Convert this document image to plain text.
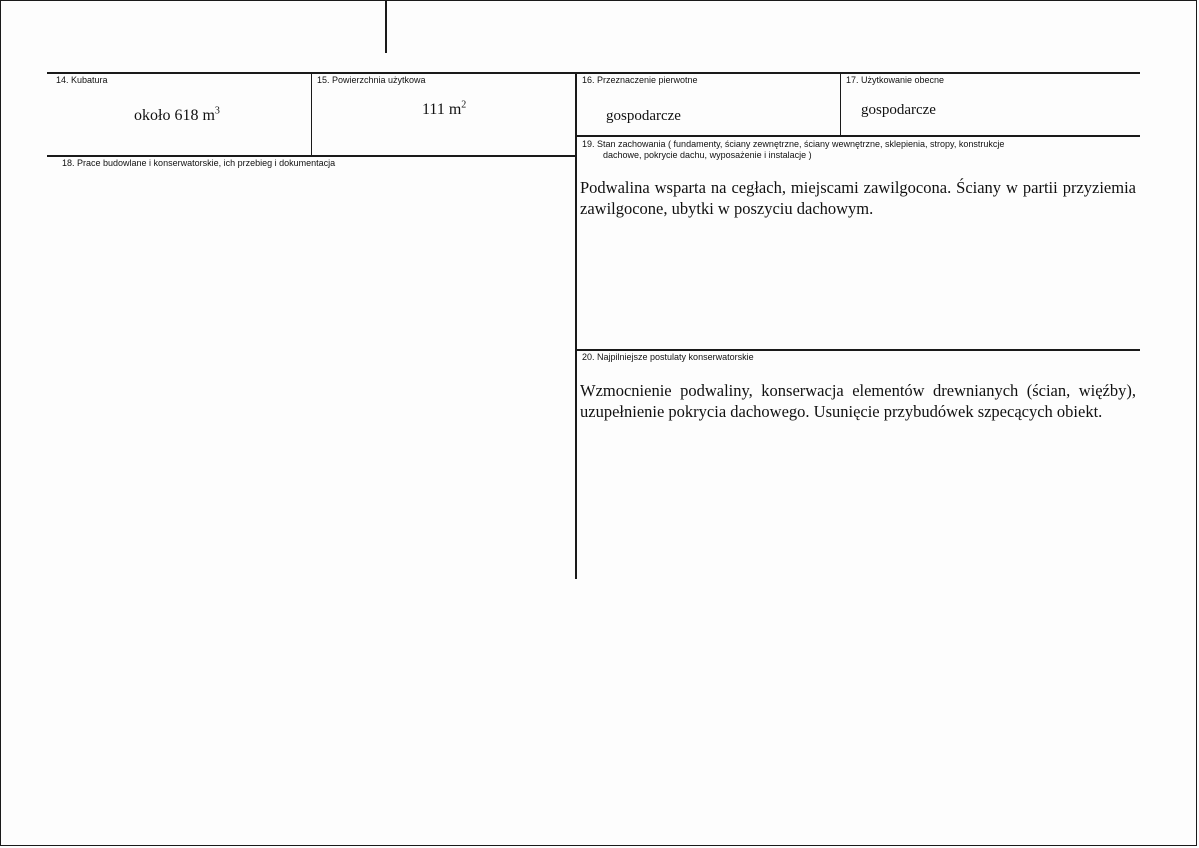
14. Kubatura
około 618 $m^3$
15. Powierzchnia użytkowa
111 $m^2$
16. Przeznaczenie pierwotne
gospodarcze
17. Użytkowanie obecne
gospodarcze
18. Prace budowlane i konserwatorskie, ich przebieg i dokumentacja
19. Stan zachowania ( fundamenty, ściany zewnętrzne, ściany wewnętrzne, sklepienia, stropy, konstrukcje
dachowe, pokrycie dachu, wyposażenie i instalacje )
Podwalina wsparta na cegłach, miejscami zawilgocona. Ściany w partii przyziemia zawilgocone, ubytki w poszyciu dachowym.
20. Najpilniejsze postulaty konserwatorskie
Wzmocnienie podwaliny, konserwacja elementów drewnianych (ścian, więźby), uzupełnienie pokrycia dachowego. Usunięcie przybudówek szpecących obiekt.
